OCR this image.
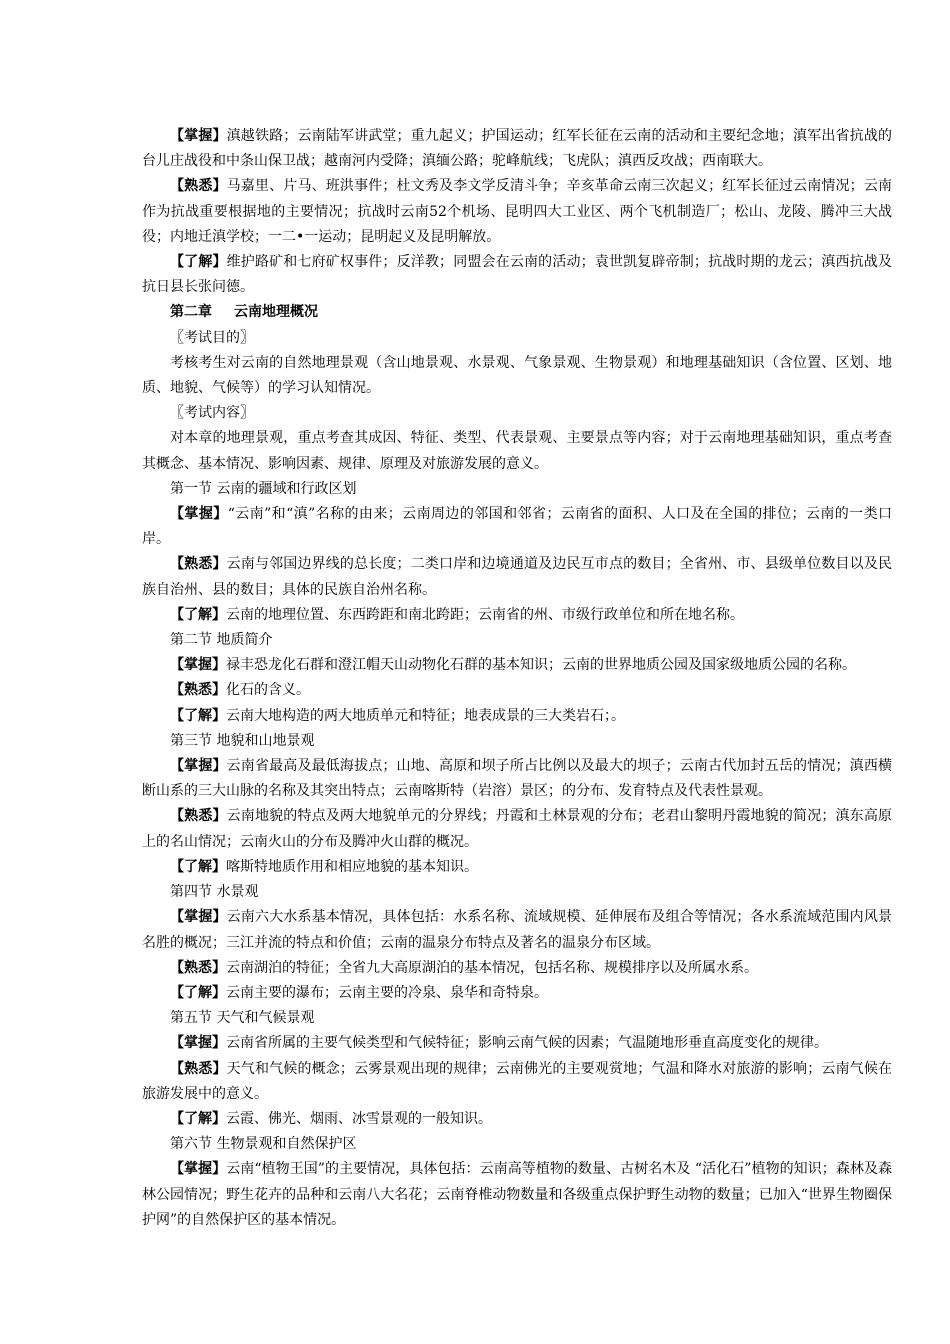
【掌握】滇越铁路；云南陆军讲武堂；重九起义；护国运动；红军长征在云南的活动和主要纪念地；滇军出省抗战的台儿庄战役和中条山保卫战；越南河内受降；滇缅公路；驼峰航线；飞虎队；滇西反攻战；西南联大。

【熟悉】马嘉里、片马、班洪事件；杜文秀及李文学反清斗争；辛亥革命云南三次起义；红军长征过云南情况；云南作为抗战重要根据地的主要情况；抗战时云南52个机场、昆明四大工业区、两个飞机制造厂；松山、龙陵、腾冲三大战役；内地迁滇学校；一二•一运动；昆明起义及昆明解放。

【了解】维护路矿和七府矿权事件；反洋教；同盟会在云南的活动；袁世凯复辟帝制；抗战时期的龙云；滇西抗战及抗日县长张问德。

第二章 云南地理概况

〖考试目的〗

考核考生对云南的自然地理景观（含山地景观、水景观、气象景观、生物景观）和地理基础知识（含位置、区划、地质、地貌、气候等）的学习认知情况。

〖考试内容〗

对本章的地理景观，重点考查其成因、特征、类型、代表景观、主要景点等内容；对于云南地理基础知识，重点考查其概念、基本情况、影响因素、规律、原理及对旅游发展的意义。

第一节 云南的疆域和行政区划

【掌握】“云南”和“滇”名称的由来；云南周边的邻国和邻省；云南省的面积、人口及在全国的排位；云南的一类口岸。

【熟悉】云南与邻国边界线的总长度；二类口岸和边境通道及边民互市点的数目；全省州、市、县级单位数目以及民族自治州、县的数目；具体的民族自治州名称。

【了解】云南的地理位置、东西跨距和南北跨距；云南省的州、市级行政单位和所在地名称。

第二节 地质简介

【掌握】禄丰恐龙化石群和澄江帽天山动物化石群的基本知识；云南的世界地质公园及国家级地质公园的名称。

【熟悉】化石的含义。

【了解】云南大地构造的两大地质单元和特征；地表成景的三大类岩石；。

第三节 地貌和山地景观

【掌握】云南省最高及最低海拔点；山地、高原和坝子所占比例以及最大的坝子；云南古代加封五岳的情况；滇西横断山系的三大山脉的名称及其突出特点；云南喀斯特（岩溶）景区；的分布、发育特点及代表性景观。

【熟悉】云南地貌的特点及两大地貌单元的分界线；丹霞和土林景观的分布；老君山黎明丹霞地貌的简况；滇东高原上的名山情况；云南火山的分布及腾冲火山群的概况。

【了解】喀斯特地质作用和相应地貌的基本知识。

第四节 水景观

【掌握】云南六大水系基本情况，具体包括：水系名称、流域规模、延伸展布及组合等情况；各水系流域范围内风景名胜的概况；三江并流的特点和价值；云南的温泉分布特点及著名的温泉分布区域。

【熟悉】云南湖泊的特征；全省九大高原湖泊的基本情况，包括名称、规模排序以及所属水系。

【了解】云南主要的瀑布；云南主要的冷泉、泉华和奇特泉。

第五节 天气和气候景观

【掌握】云南省所属的主要气候类型和气候特征；影响云南气候的因素；气温随地形垂直高度变化的规律。

【熟悉】天气和气候的概念；云雾景观出现的规律；云南佛光的主要观赏地；气温和降水对旅游的影响；云南气候在旅游发展中的意义。

【了解】云霞、佛光、烟雨、冰雪景观的一般知识。

第六节 生物景观和自然保护区

【掌握】云南“植物王国”的主要情况，具体包括：云南高等植物的数量、古树名木及 “活化石”植物的知识；森林及森林公园情况；野生花卉的品种和云南八大名花；云南脊椎动物数量和各级重点保护野生动物的数量；已加入“世界生物圈保护网”的自然保护区的基本情况。
